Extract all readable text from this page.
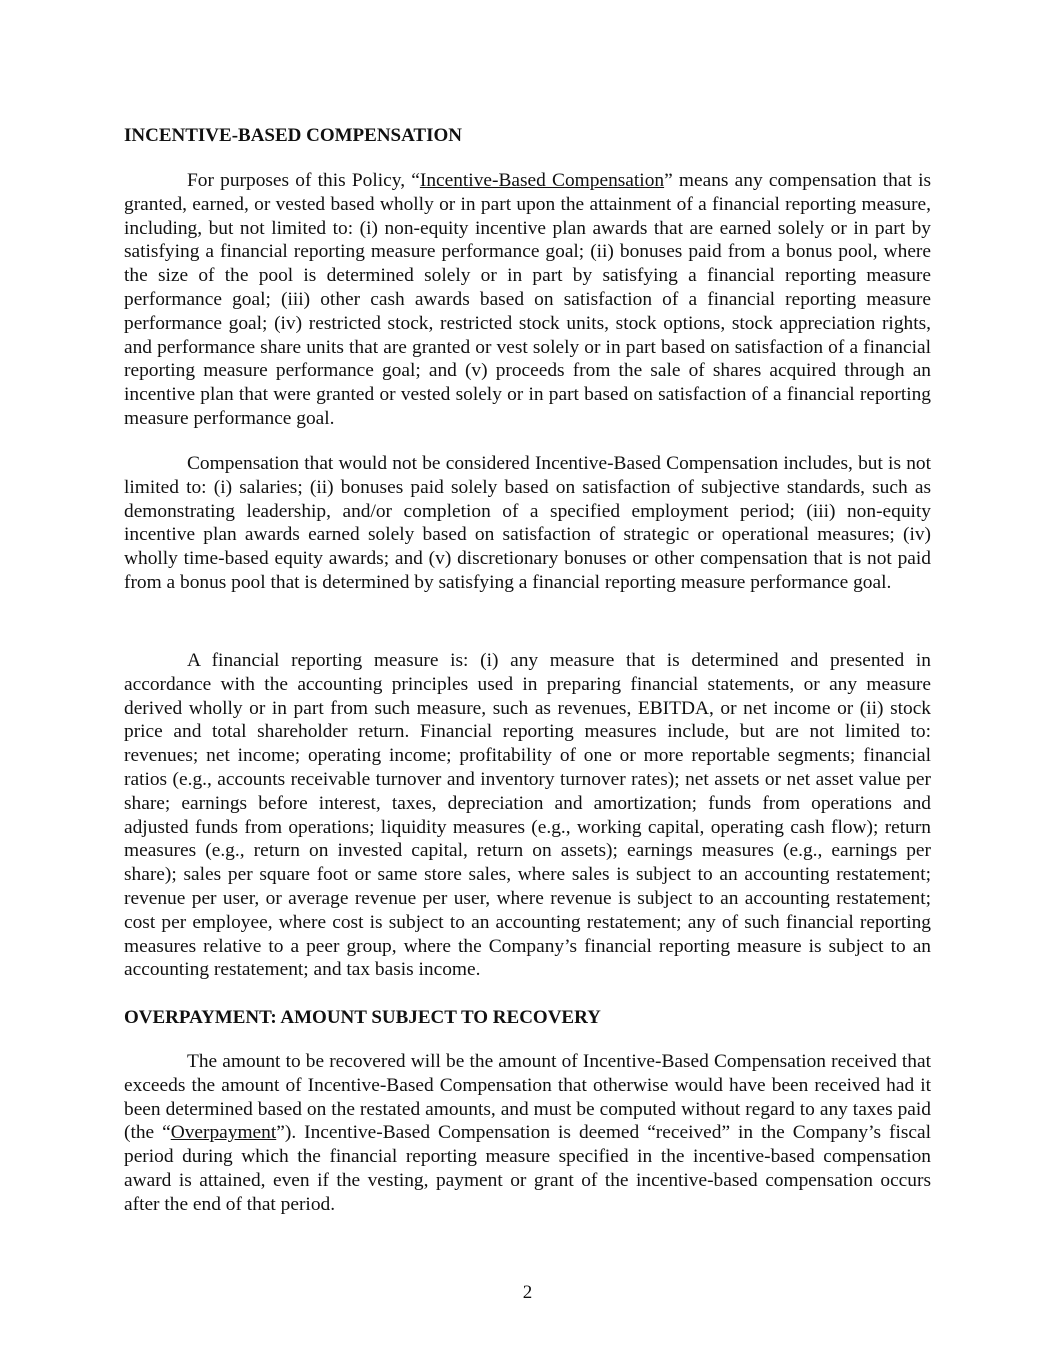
INCENTIVE-BASED COMPENSATION

For purposes of this Policy, “Incentive-Based Compensation” means any compensation that is granted, earned, or vested based wholly or in part upon the attainment of a financial reporting measure, including, but not limited to: (i) non-equity incentive plan awards that are earned solely or in part by satisfying a financial reporting measure performance goal; (ii) bonuses paid from a bonus pool, where the size of the pool is determined solely or in part by satisfying a financial reporting measure performance goal; (iii) other cash awards based on satisfaction of a financial reporting measure performance goal; (iv) restricted stock, restricted stock units, stock options, stock appreciation rights, and performance share units that are granted or vest solely or in part based on satisfaction of a financial reporting measure performance goal; and (v) proceeds from the sale of shares acquired through an incentive plan that were granted or vested solely or in part based on satisfaction of a financial reporting measure performance goal.

Compensation that would not be considered Incentive-Based Compensation includes, but is not limited to: (i) salaries; (ii) bonuses paid solely based on satisfaction of subjective standards, such as demonstrating leadership, and/or completion of a specified employment period; (iii) non-equity incentive plan awards earned solely based on satisfaction of strategic or operational measures; (iv) wholly time-based equity awards; and (v) discretionary bonuses or other compensation that is not paid from a bonus pool that is determined by satisfying a financial reporting measure performance goal.

A financial reporting measure is: (i) any measure that is determined and presented in accordance with the accounting principles used in preparing financial statements, or any measure derived wholly or in part from such measure, such as revenues, EBITDA, or net income or (ii) stock price and total shareholder return. Financial reporting measures include, but are not limited to: revenues; net income; operating income; profitability of one or more reportable segments; financial ratios (e.g., accounts receivable turnover and inventory turnover rates); net assets or net asset value per share; earnings before interest, taxes, depreciation and amortization; funds from operations and adjusted funds from operations; liquidity measures (e.g., working capital, operating cash flow); return measures (e.g., return on invested capital, return on assets); earnings measures (e.g., earnings per share); sales per square foot or same store sales, where sales is subject to an accounting restatement; revenue per user, or average revenue per user, where revenue is subject to an accounting restatement; cost per employee, where cost is subject to an accounting restatement; any of such financial reporting measures relative to a peer group, where the Company’s financial reporting measure is subject to an accounting restatement; and tax basis income.

OVERPAYMENT: AMOUNT SUBJECT TO RECOVERY

The amount to be recovered will be the amount of Incentive-Based Compensation received that exceeds the amount of Incentive-Based Compensation that otherwise would have been received had it been determined based on the restated amounts, and must be computed without regard to any taxes paid (the “Overpayment”). Incentive-Based Compensation is deemed “received” in the Company’s fiscal period during which the financial reporting measure specified in the incentive-based compensation award is attained, even if the vesting, payment or grant of the incentive-based compensation occurs after the end of that period.

2
